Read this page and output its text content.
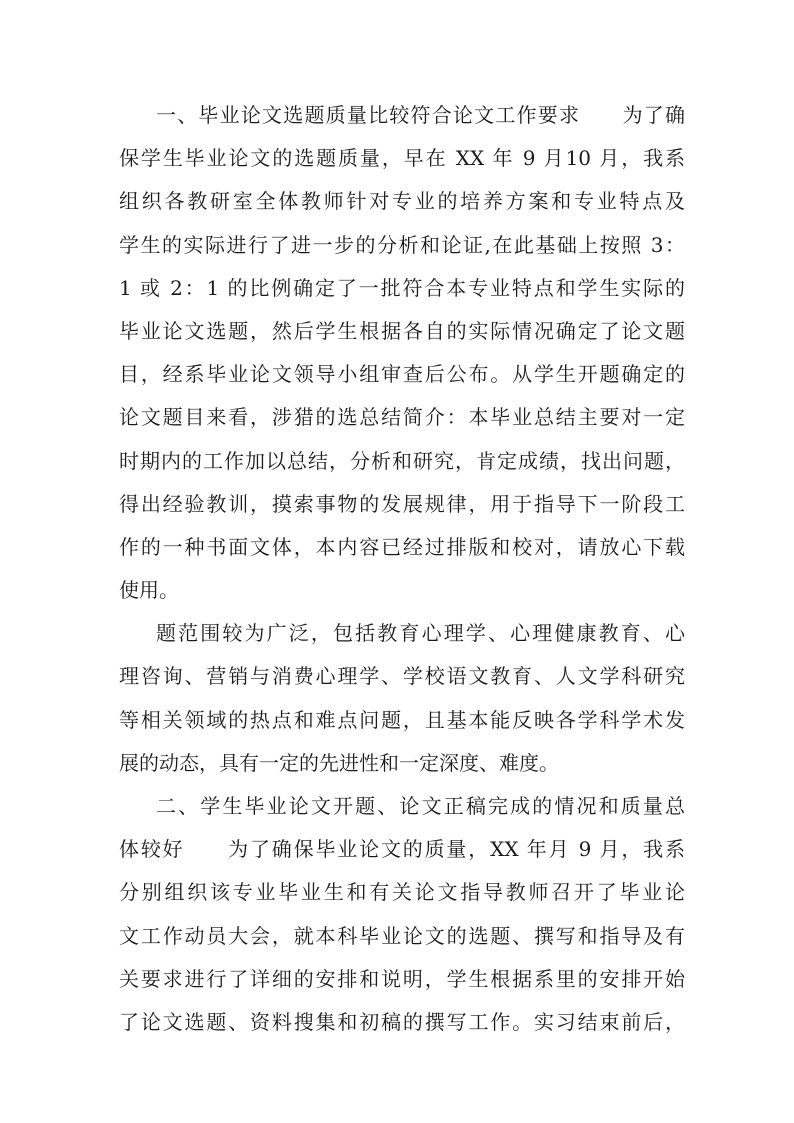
一、毕业论文选题质量比较符合论文工作要求　　为了确
保学生毕业论文的选题质量，早在 XX 年 9 月10 月，我系
组织各教研室全体教师针对专业的培养方案和专业特点及
学生的实际进行了进一步的分析和论证,在此基础上按照 3：
1 或 2：1 的比例确定了一批符合本专业特点和学生实际的
毕业论文选题，然后学生根据各自的实际情况确定了论文题
目，经系毕业论文领导小组审查后公布。从学生开题确定的
论文题目来看，涉猎的选总结简介：本毕业总结主要对一定
时期内的工作加以总结，分析和研究，肯定成绩，找出问题，
得出经验教训，摸索事物的发展规律，用于指导下一阶段工
作的一种书面文体，本内容已经过排版和校对，请放心下载
使用。
题范围较为广泛，包括教育心理学、心理健康教育、心
理咨询、营销与消费心理学、学校语文教育、人文学科研究
等相关领域的热点和难点问题，且基本能反映各学科学术发
展的动态，具有一定的先进性和一定深度、难度。
二、学生毕业论文开题、论文正稿完成的情况和质量总
体较好　　为了确保毕业论文的质量，XX 年月 9 月，我系
分别组织该专业毕业生和有关论文指导教师召开了毕业论
文工作动员大会，就本科毕业论文的选题、撰写和指导及有
关要求进行了详细的安排和说明，学生根据系里的安排开始
了论文选题、资料搜集和初稿的撰写工作。实习结束前后，
